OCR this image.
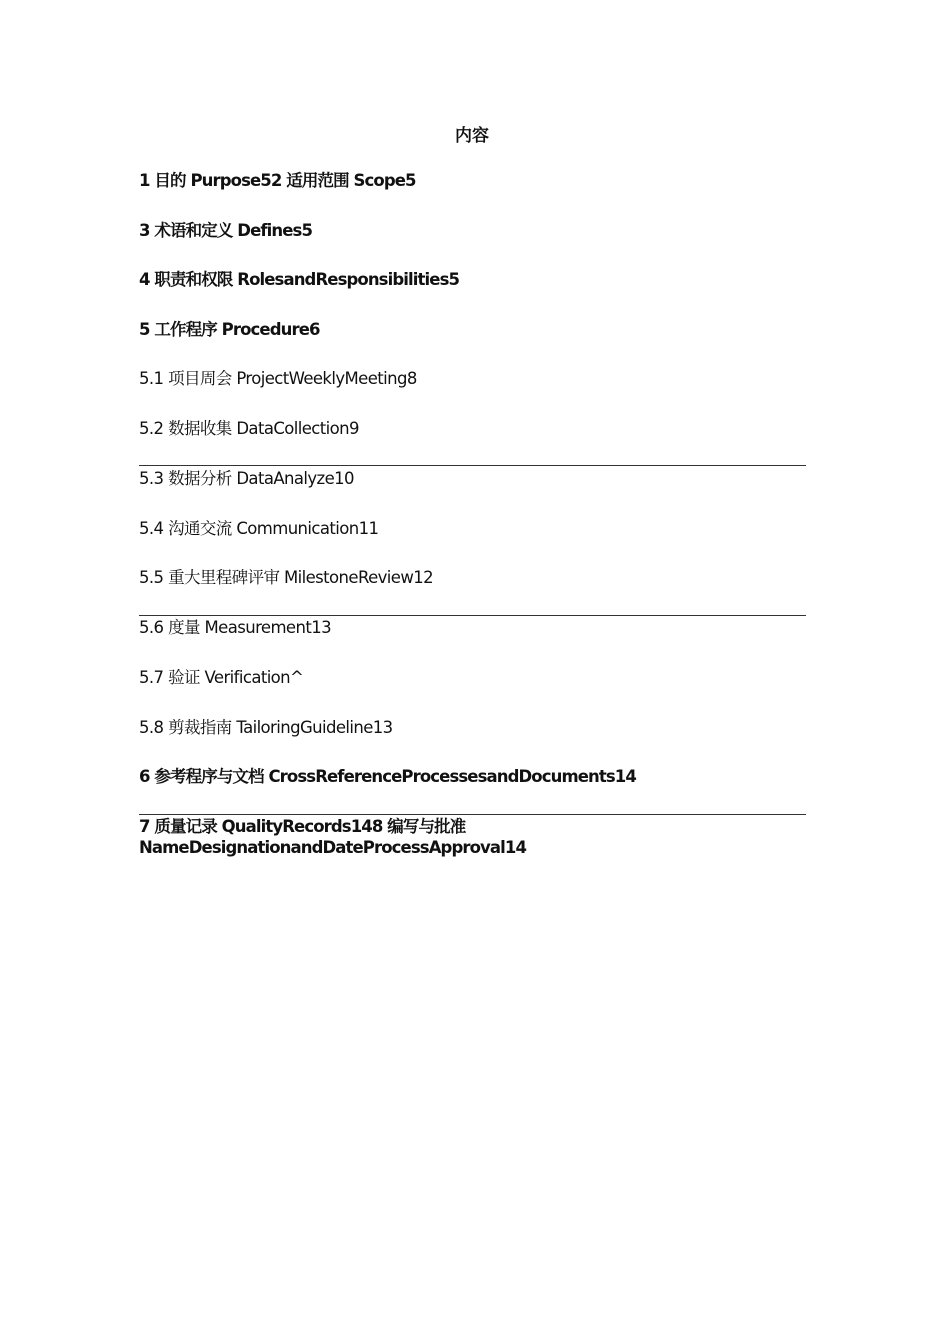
内容
1 目的 Purpose52 适用范围 Scope5
3 术语和定义 Defines5
4 职责和权限 RolesandResponsibilities5
5 工作程序 Procedure6
5.1 项目周会 ProjectWeeklyMeeting8
5.2 数据收集 DataCollection9
5.3 数据分析 DataAnalyze10
5.4 沟通交流 Communication11
5.5 重大里程碑评审 MilestoneReview12
5.6 度量 Measurement13
5.7 验证 Verification^
5.8 剪裁指南 TailoringGuideline13
6 参考程序与文档 CrossReferenceProcessesandDocuments14
7 质量记录 QualityRecords148 编写与批准
NameDesignationandDateProcessApproval14
